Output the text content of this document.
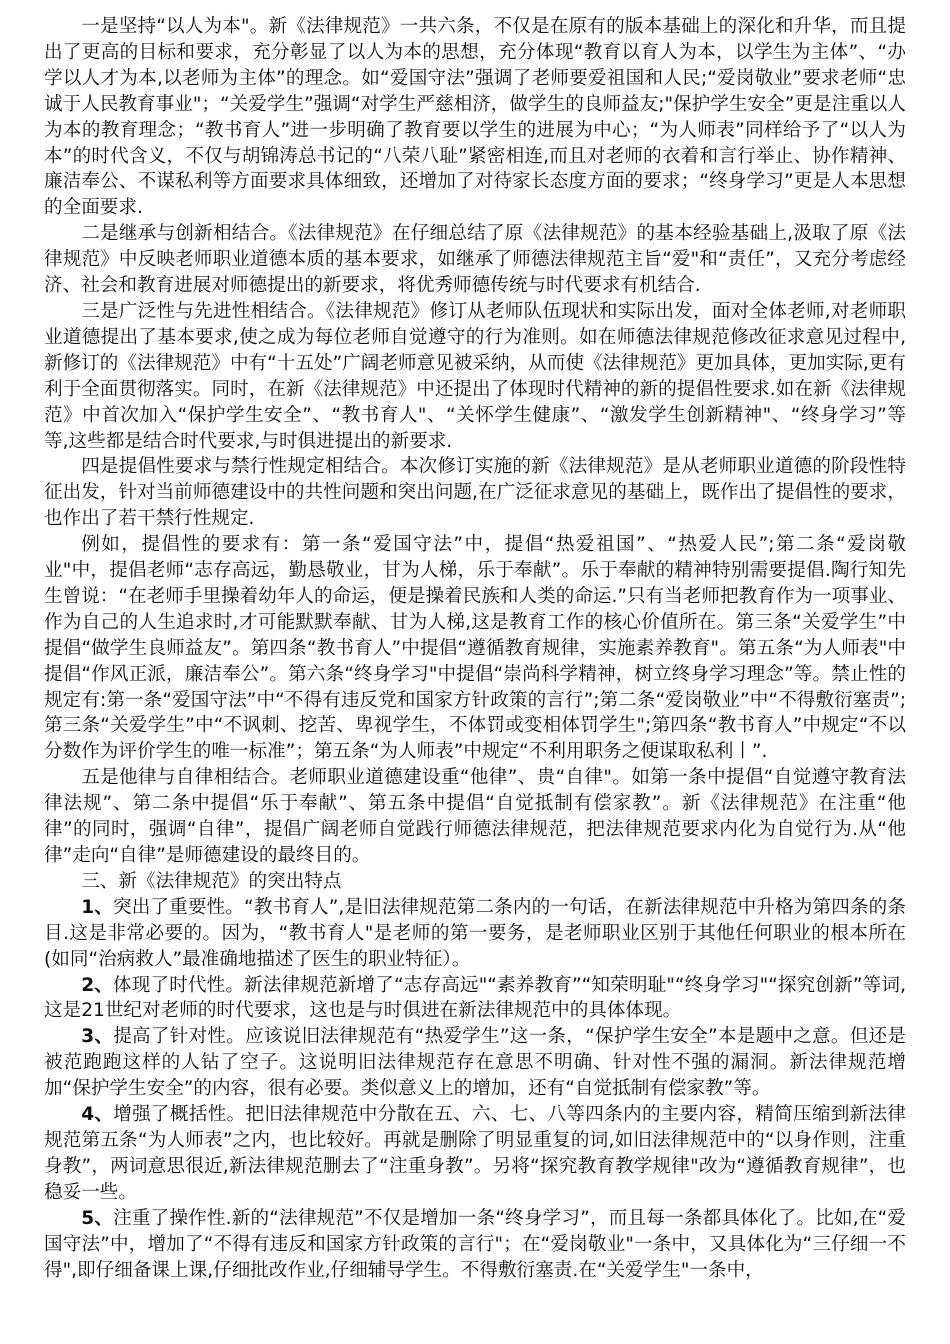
一是坚持“以人为本"。新《法律规范》一共六条，不仅是在原有的版本基础上的深化和升华，而且提出了更高的目标和要求，充分彰显了以人为本的思想，充分体现“教育以育人为本，以学生为主体”、“办学以人才为本,以老师为主体”的理念。如“爱国守法”强调了老师要爱祖国和人民;“爱岗敬业”要求老师“忠诚于人民教育事业"；“关爱学生”强调“对学生严慈相济，做学生的良师益友;"保护学生安全”更是注重以人为本的教育理念；“教书育人”进一步明确了教育要以学生的进展为中心；“为人师表”同样给予了“以人为本”的时代含义，不仅与胡锦涛总书记的“八荣八耻”紧密相连,而且对老师的衣着和言行举止、协作精神、廉洁奉公、不谋私利等方面要求具体细致，还增加了对待家长态度方面的要求；“终身学习”更是人本思想的全面要求.

二是继承与创新相结合。《法律规范》在仔细总结了原《法律规范》的基本经验基础上,汲取了原《法律规范》中反映老师职业道德本质的基本要求，如继承了师德法律规范主旨“爱"和“责任”，又充分考虑经济、社会和教育进展对师德提出的新要求，将优秀师德传统与时代要求有机结合.

三是广泛性与先进性相结合。《法律规范》修订从老师队伍现状和实际出发，面对全体老师,对老师职业道德提出了基本要求,使之成为每位老师自觉遵守的行为准则。如在师德法律规范修改征求意见过程中,新修订的《法律规范》中有“十五处”广阔老师意见被采纳，从而使《法律规范》更加具体，更加实际,更有利于全面贯彻落实。同时，在新《法律规范》中还提出了体现时代精神的新的提倡性要求.如在新《法律规范》中首次加入“保护学生安全”、“教书育人"、“关怀学生健康”、“激发学生创新精神"、“终身学习”等等,这些都是结合时代要求,与时俱进提出的新要求.

四是提倡性要求与禁行性规定相结合。本次修订实施的新《法律规范》是从老师职业道德的阶段性特征出发，针对当前师德建设中的共性问题和突出问题,在广泛征求意见的基础上，既作出了提倡性的要求，也作出了若干禁行性规定.

例如，提倡性的要求有：第一条“爱国守法”中，提倡“热爱祖国”、“热爱人民”;第二条“爱岗敬业"中，提倡老师“志存高远，勤恳敬业，甘为人梯，乐于奉献”。乐于奉献的精神特别需要提倡.陶行知先生曾说：“在老师手里操着幼年人的命运，便是操着民族和人类的命运.”只有当老师把教育作为一项事业、作为自己的人生追求时,才可能默默奉献、甘为人梯,这是教育工作的核心价值所在。第三条“关爱学生”中提倡“做学生良师益友”。第四条“教书育人”中提倡“遵循教育规律，实施素养教育"。第五条“为人师表"中提倡“作风正派，廉洁奉公”。第六条“终身学习"中提倡“崇尚科学精神，树立终身学习理念”等。禁止性的规定有:第一条“爱国守法”中“不得有违反党和国家方针政策的言行”;第二条“爱岗敬业”中“不得敷衍塞责”;第三条“关爱学生”中“不讽刺、挖苦、卑视学生，不体罚或变相体罚学生";第四条“教书育人”中规定“不以分数作为评价学生的唯一标准”；第五条“为人师表”中规定“不利用职务之便谋取私利丨”.

五是他律与自律相结合。老师职业道德建设重“他律”、贵“自律"。如第一条中提倡“自觉遵守教育法律法规”、第二条中提倡“乐于奉献”、第五条中提倡“自觉抵制有偿家教”。新《法律规范》在注重“他律”的同时，强调“自律”，提倡广阔老师自觉践行师德法律规范，把法律规范要求内化为自觉行为.从“他律”走向“自律”是师德建设的最终目的。

三、新《法律规范》的突出特点

1、突出了重要性。“教书育人”,是旧法律规范第二条内的一句话，在新法律规范中升格为第四条的条目.这是非常必要的。因为，“教书育人"是老师的第一要务，是老师职业区别于其他任何职业的根本所在(如同“治病救人”最准确地描述了医生的职业特征）。

2、体现了时代性。新法律规范新增了“志存高远"“素养教育”“知荣明耻"“终身学习"“探究创新”等词,这是21世纪对老师的时代要求，这也是与时俱进在新法律规范中的具体体现。

3、提高了针对性。应该说旧法律规范有“热爱学生”这一条，“保护学生安全”本是题中之意。但还是被范跑跑这样的人钻了空子。这说明旧法律规范存在意思不明确、针对性不强的漏洞。新法律规范增加“保护学生安全”的内容，很有必要。类似意义上的增加，还有“自觉抵制有偿家教”等。

4、增强了概括性。把旧法律规范中分散在五、六、七、八等四条内的主要内容，精简压缩到新法律规范第五条“为人师表”之内，也比较好。再就是删除了明显重复的词,如旧法律规范中的“以身作则，注重身教”，两词意思很近,新法律规范删去了“注重身教”。另将“探究教育教学规律"改为“遵循教育规律”，也稳妥一些。

5、注重了操作性.新的“法律规范”不仅是增加一条“终身学习”，而且每一条都具体化了。比如,在“爱国守法”中，增加了“不得有违反和国家方针政策的言行"；在“爱岗敬业"一条中，又具体化为“三仔细一不得",即仔细备课上课,仔细批改作业,仔细辅导学生。不得敷衍塞责.在“关爱学生"一条中，
